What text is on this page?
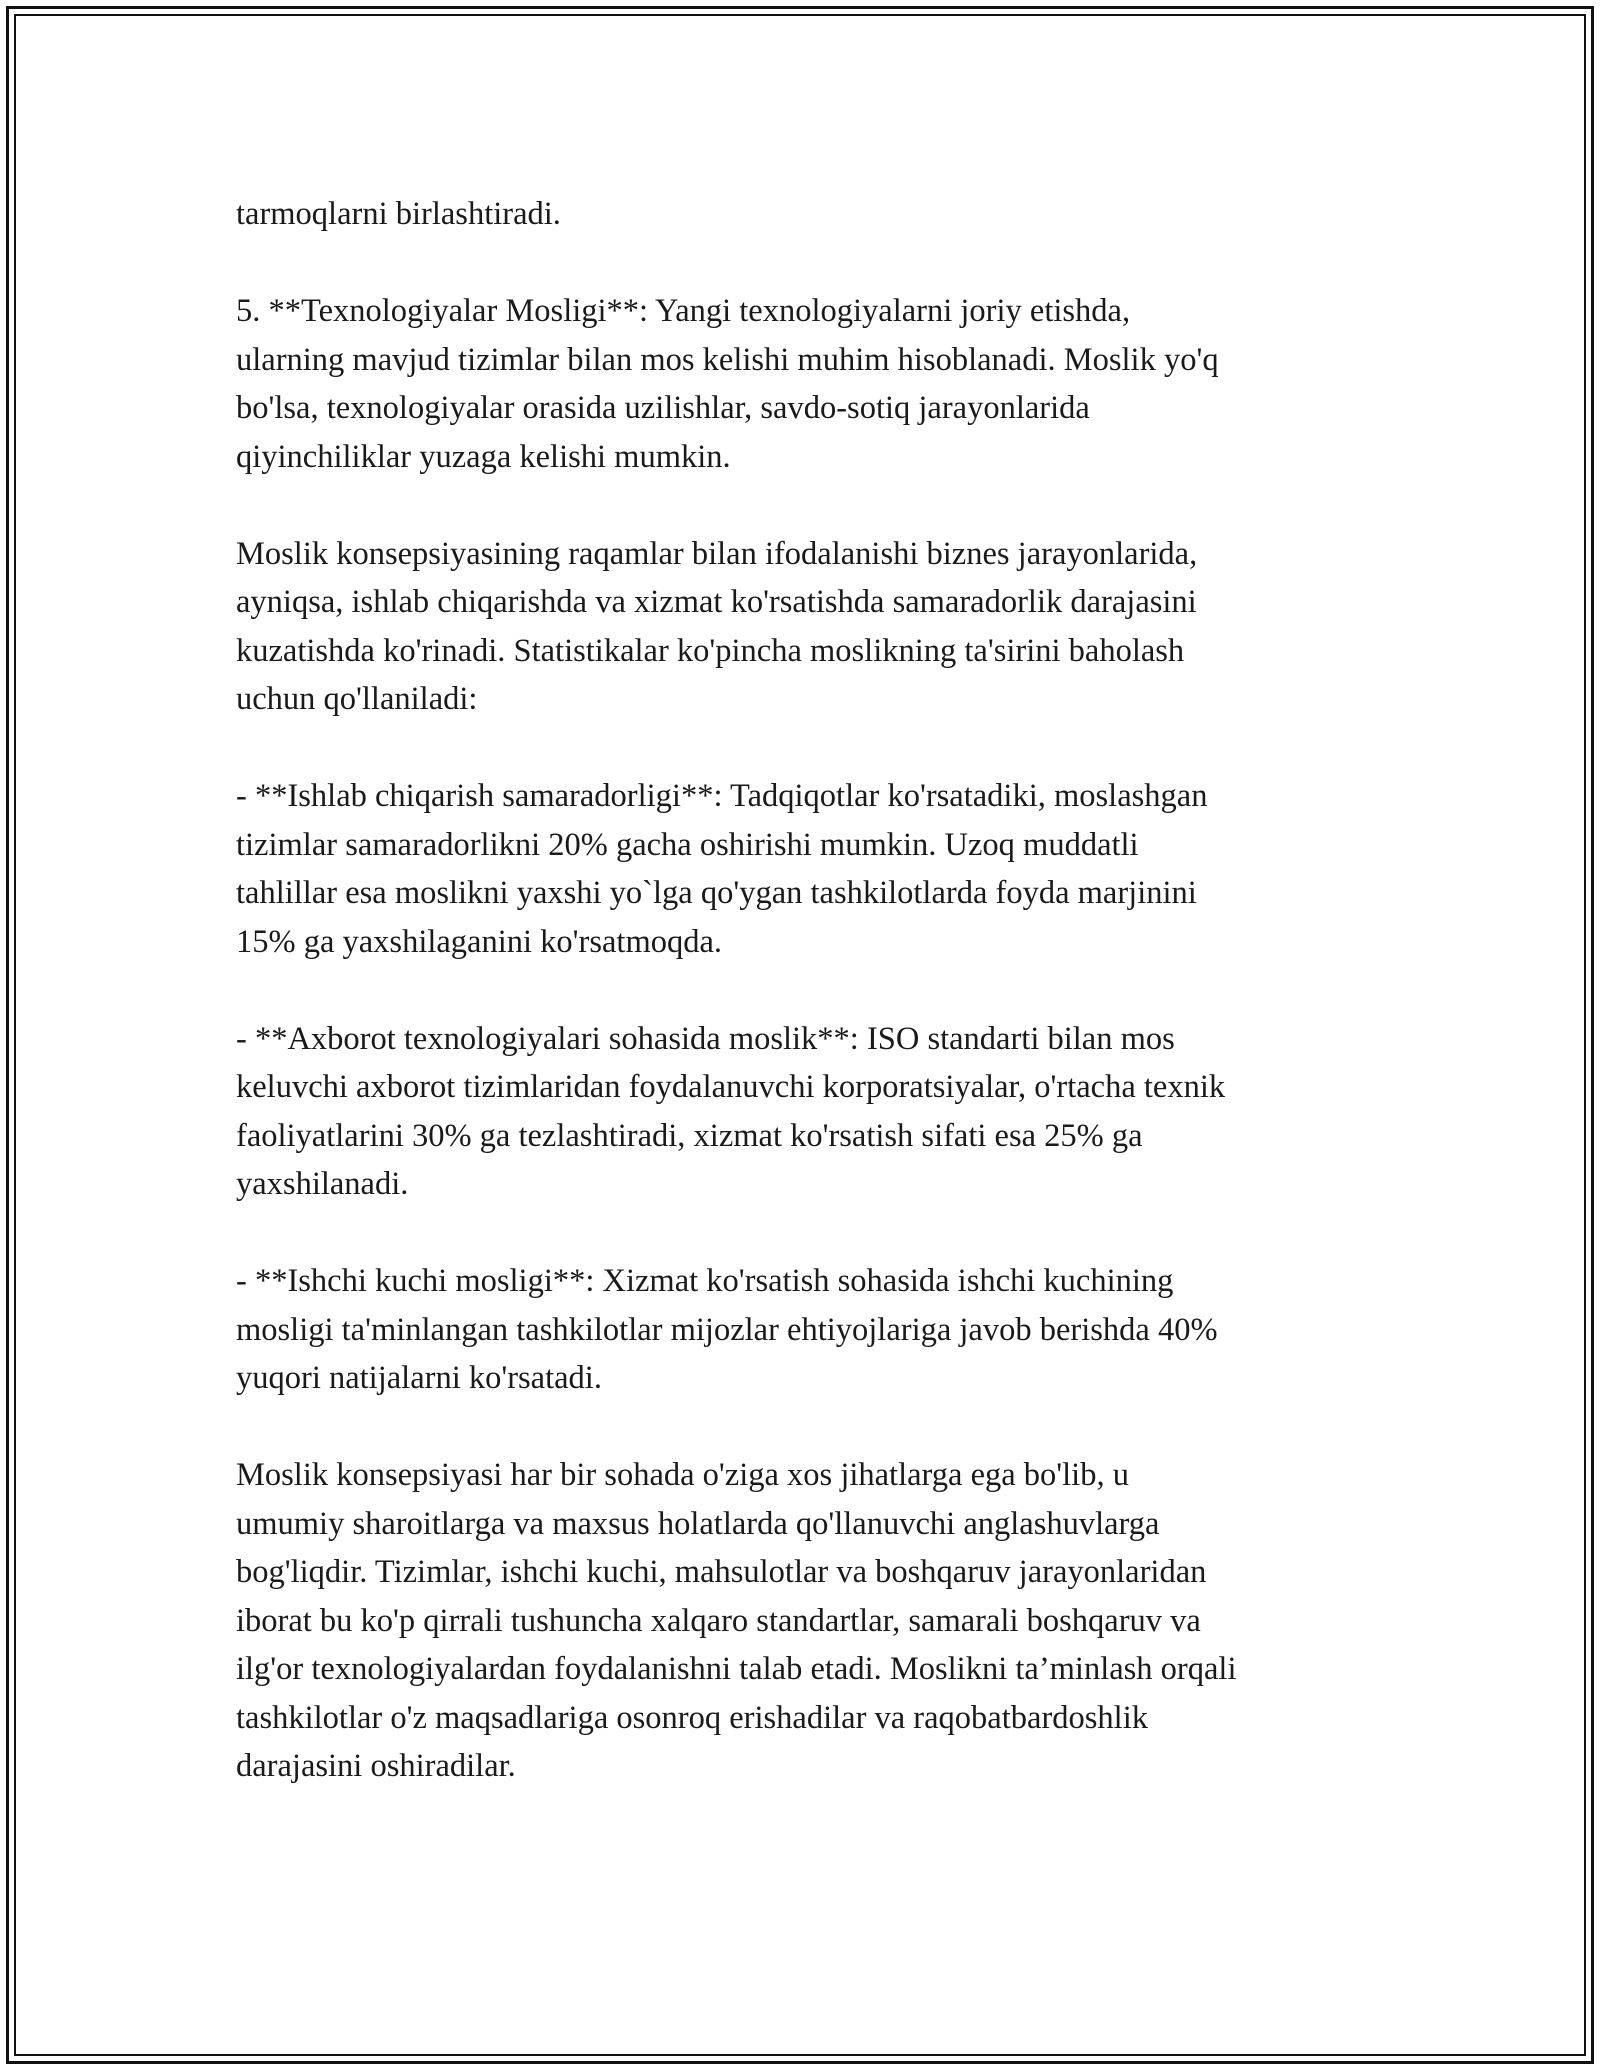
tarmoqlarni birlashtiradi.

5. **Texnologiyalar Mosligi**: Yangi texnologiyalarni joriy etishda,
ularning mavjud tizimlar bilan mos kelishi muhim hisoblanadi. Moslik yo'q
bo'lsa, texnologiyalar orasida uzilishlar, savdo-sotiq jarayonlarida
qiyinchiliklar yuzaga kelishi mumkin.

Moslik konsepsiyasining raqamlar bilan ifodalanishi biznes jarayonlarida,
ayniqsa, ishlab chiqarishda va xizmat ko'rsatishda samaradorlik darajasini
kuzatishda ko'rinadi. Statistikalar ko'pincha moslikning ta'sirini baholash
uchun qo'llaniladi:

- **Ishlab chiqarish samaradorligi**: Tadqiqotlar ko'rsatadiki, moslashgan
tizimlar samaradorlikni 20% gacha oshirishi mumkin. Uzoq muddatli
tahlillar esa moslikni yaxshi yo`lga qo'ygan tashkilotlarda foyda marjinini
15% ga yaxshilaganini ko'rsatmoqda.

- **Axborot texnologiyalari sohasida moslik**: ISO standarti bilan mos
keluvchi axborot tizimlaridan foydalanuvchi korporatsiyalar, o'rtacha texnik
faoliyatlarini 30% ga tezlashtiradi, xizmat ko'rsatish sifati esa 25% ga
yaxshilanadi.

- **Ishchi kuchi mosligi**: Xizmat ko'rsatish sohasida ishchi kuchining
mosligi ta'minlangan tashkilotlar mijozlar ehtiyojlariga javob berishda 40%
yuqori natijalarni ko'rsatadi.

Moslik konsepsiyasi har bir sohada o'ziga xos jihatlarga ega bo'lib, u
umumiy sharoitlarga va maxsus holatlarda qo'llanuvchi anglashuvlarga
bog'liqdir. Tizimlar, ishchi kuchi, mahsulotlar va boshqaruv jarayonlaridan
iborat bu ko'p qirrali tushuncha xalqaro standartlar, samarali boshqaruv va
ilg'or texnologiyalardan foydalanishni talab etadi. Moslikni ta’minlash orqali
tashkilotlar o'z maqsadlariga osonroq erishadilar va raqobatbardoshlik
darajasini oshiradilar.
